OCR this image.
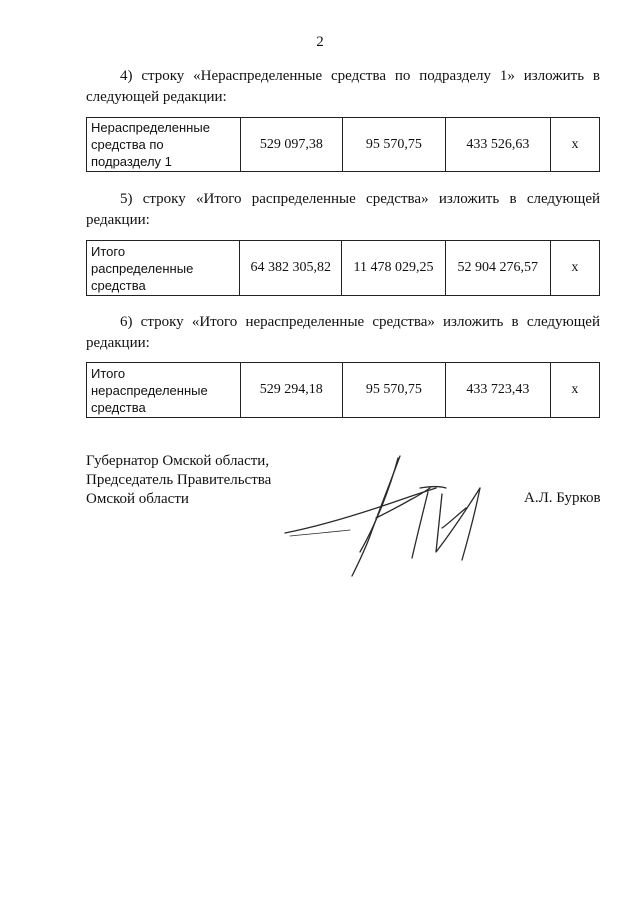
2
4) строку «Нераспределенные средства по подразделу 1» изложить в
следующей редакции:
Нераспределенные
средства по
подразделу 1
	529 097,38	95 570,75	433 526,63	x
5) строку «Итого распределенные средства» изложить в следующей
редакции:
Итого
распределенные
средства
	64 382 305,82	11 478 029,25	52 904 276,57	x
6) строку «Итого нераспределенные средства» изложить в следующей
редакции:
Итого
нераспределенные
средства
	529 294,18	95 570,75	433 723,43	x
Губернатор Омской области,
Председатель Правительства
Омской области	А.Л. Бурков
